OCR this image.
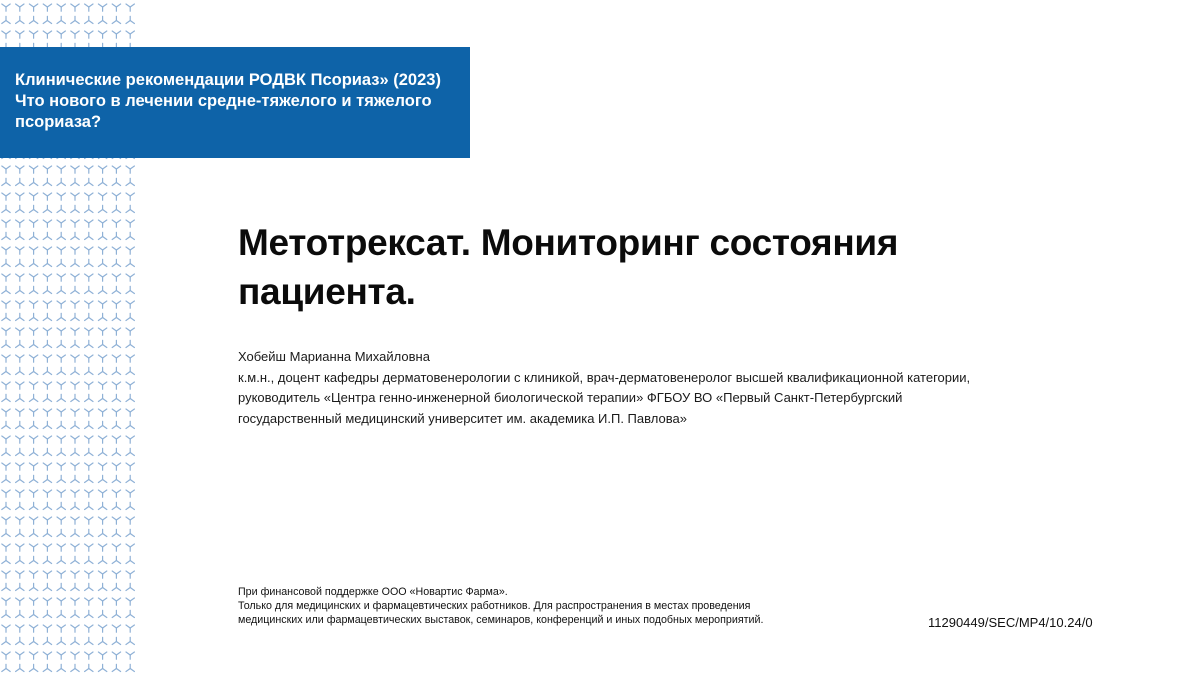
Клинические рекомендации РОДВК Псориаз» (2023)

Что нового в лечении средне-тяжелого и тяжелого

псориаза?

Метотрексат. Мониторинг состояния
пациента.
Хобейш Марианна Михайловна
к.м.н., доцент кафедры дерматовенерологии с клиникой, врач-дерматовенеролог высшей квалификационной категории,
руководитель «Центра генно-инженерной биологической терапии» ФГБОУ ВО «Первый Санкт-Петербургский
государственный медицинский университет им. академика И.П. Павлова»
При финансовой поддержке ООО «Новартис Фарма».
Только для медицинских и фармацевтических работников. Для распространения в местах проведения
медицинских или фармацевтических выставок, семинаров, конференций и иных подобных мероприятий.	11290449/SEC/MP4/10.24/0
